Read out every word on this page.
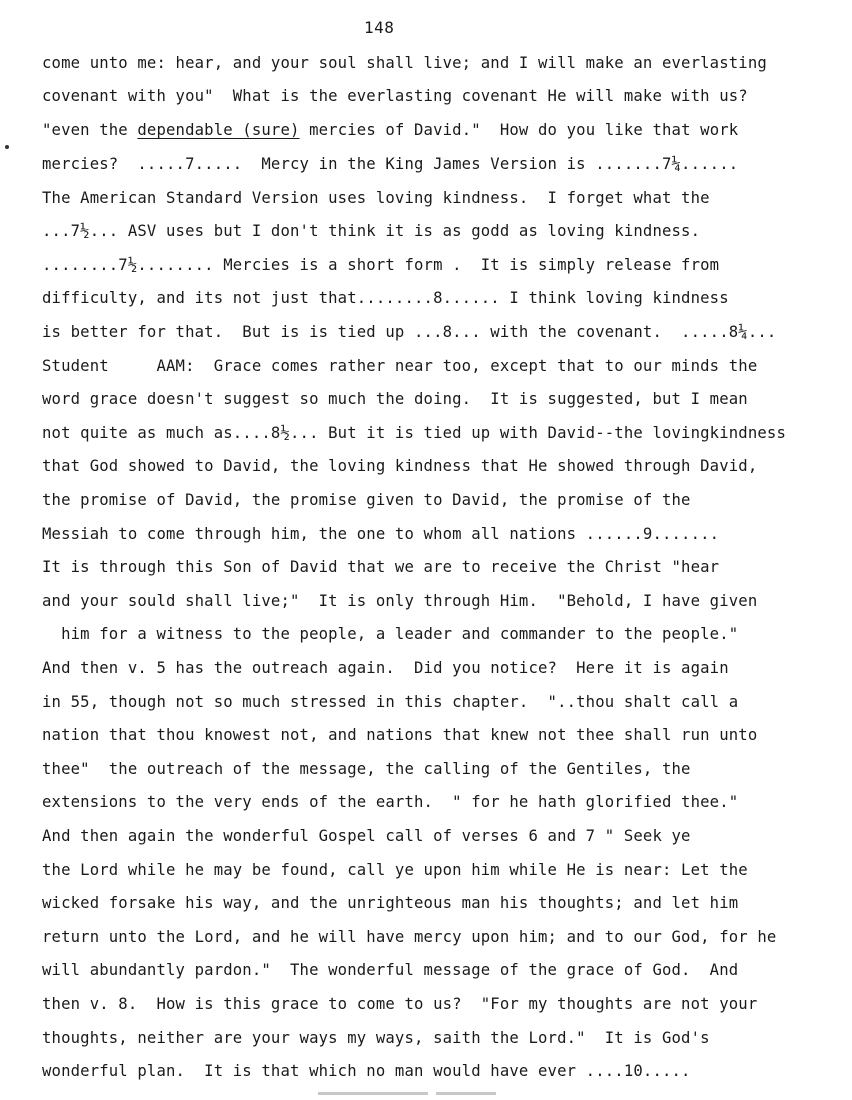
148
come unto me: hear, and your soul shall live; and I will make an everlasting
covenant with you"  What is the everlasting covenant He will make with us?
"even the dependable (sure) mercies of David."  How do you like that work
mercies?  .....7.....  Mercy in the King James Version is .......7¼......
The American Standard Version uses loving kindness.  I forget what the
...7½... ASV uses but I don't think it is as godd as loving kindness.
........7½........ Mercies is a short form .  It is simply release from
difficulty, and its not just that........8...... I think loving kindness
is better for that.  But is is tied up ...8... with the covenant.  .....8¼...
Student     AAM:  Grace comes rather near too, except that to our minds the
word grace doesn't suggest so much the doing.  It is suggested, but I mean
not quite as much as....8½... But it is tied up with David--the lovingkindness
that God showed to David, the loving kindness that He showed through David,
the promise of David, the promise given to David, the promise of the
Messiah to come through him, the one to whom all nations ......9.......
It is through this Son of David that we are to receive the Christ "hear
and your sould shall live;"  It is only through Him.  "Behold, I have given
him for a witness to the people, a leader and commander to the people."
And then v. 5 has the outreach again.  Did you notice?  Here it is again
in 55, though not so much stressed in this chapter.  "..thou shalt call a
nation that thou knowest not, and nations that knew not thee shall run unto
thee"  the outreach of the message, the calling of the Gentiles, the
extensions to the very ends of the earth.  " for he hath glorified thee."
And then again the wonderful Gospel call of verses 6 and 7 " Seek ye
the Lord while he may be found, call ye upon him while He is near: Let the
wicked forsake his way, and the unrighteous man his thoughts; and let him
return unto the Lord, and he will have mercy upon him; and to our God, for he
will abundantly pardon."  The wonderful message of the grace of God.  And
then v. 8.  How is this grace to come to us?  "For my thoughts are not your
thoughts, neither are your ways my ways, saith the Lord."  It is God's
wonderful plan.  It is that which no man would have ever ....10.....
